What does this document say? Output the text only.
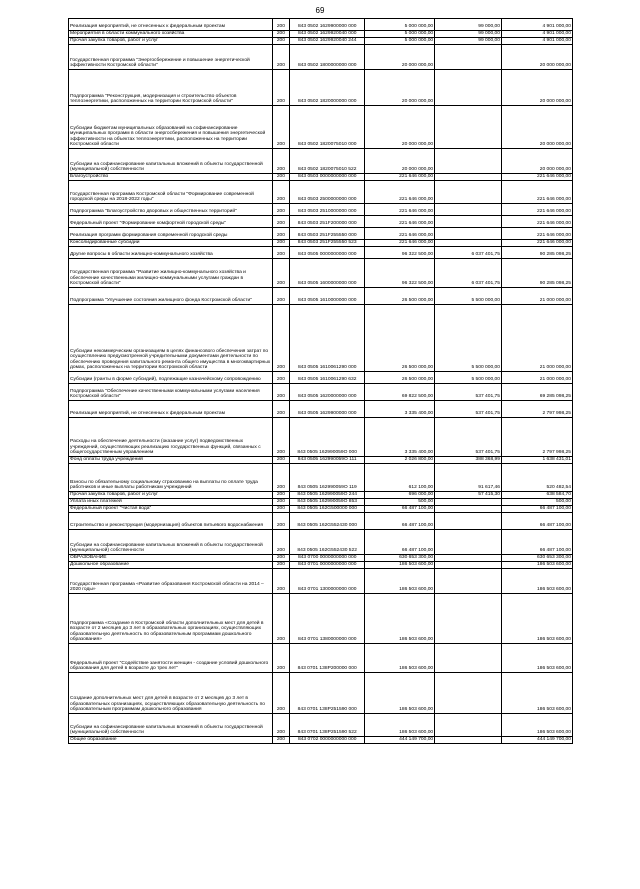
69
Реализация мероприятий, не отнесенных к федеральным проектам	200	843 0502 1629900000 000	5 000 000,00	99 000,00	4 901 000,00
Мероприятия в области коммунального хозяйства	200	843 0502 1629920040 000	5 000 000,00	99 000,00	4 901 000,00
Прочая закупка товаров, работ и услуг	200	843 0502 1629920040 244	5 000 000,00	99 000,00	4 901 000,00
Государственная программа "Энергосбережение и повышение энергетической эффективности Костромской области"	200	843 0502 1800000000 000	20 000 000,00		20 000 000,00
Подпрограмма "Реконструкция, модернизация и строительство объектов теплоэнергетики, расположенных на территории Костромской области"	200	843 0502 1820000000 000	20 000 000,00		20 000 000,00
Субсидии бюджетам муниципальных образований на софинансирование муниципальных программ в области энергосбережения и повышения энергетической эффективности на объектах теплоэнергетики, расположенных на территории Костромской области	200	843 0502 1820075010 000	20 000 000,00		20 000 000,00
Субсидии на софинансирование капитальных вложений в объекты государственной (муниципальной) собственности	200	843 0502 1820075010 522	20 000 000,00		20 000 000,00
Благоустройство	200	843 0503 0000000000 000	221 646 000,00		221 646 000,00
Государственная программа Костромской области "Формирование современной городской среды на 2018-2022 годы"	200	843 0503 2500000000 000	221 646 000,00		221 646 000,00
Подпрограмма "Благоустройство дворовых и общественных территорий"	200	843 0503 2510000000 000	221 646 000,00		221 646 000,00
Федеральный проект "Формирование комфортной городской среды"	200	843 0503 251F200000 000	221 646 000,00		221 646 000,00
Реализация программ формирования современной городской среды	200	843 0503 251F255550 000	221 646 000,00		221 646 000,00
Консолидированные субсидии	200	843 0503 251F255550 523	221 646 000,00		221 646 000,00
Другие вопросы в области жилищно-коммунального хозяйства	200	843 0505 0000000000 000	96 322 500,00	6 037 401,75	90 285 098,25
Государственная программа "Развитие жилищно-коммунального хозяйства и обеспечение качественными жилищно-коммунальными услугами граждан в Костромской области"	200	843 0505 1600000000 000	96 322 500,00	6 037 401,75	90 285 098,25
Подпрограмма "Улучшение состояния жилищного фонда Костромской области"	200	843 0505 1610000000 000	26 500 000,00	5 500 000,00	21 000 000,00
Субсидии некоммерческим организациям в целях финансового обеспечения затрат по осуществлению предусмотренной учредительными документами деятельности по обеспечению проведения капитального ремонта общего имущества в многоквартирных домах, расположенных на территории Костромской области	200	843 0505 1610061290 000	26 500 000,00	5 500 000,00	21 000 000,00
Субсидии (гранты в форме субсидий), подлежащие казначейскому сопровождению	200	843 0505 1610061290 632	26 500 000,00	5 500 000,00	21 000 000,00
Подпрограмма "Обеспечение качественными коммунальными услугами населения Костромской области"	200	843 0505 1620000000 000	69 822 500,00	537 401,75	69 285 098,25
Реализация мероприятий, не отнесенных к федеральным проектам	200	843 0505 1629900000 000	3 335 400,00	537 401,75	2 797 998,25
Расходы на обеспечение деятельности (оказание услуг) подведомственных учреждений, осуществляющих реализацию государственных функций, связанных с общегосударственным управлением	200	843 0505 162990059О 000	3 335 400,00	537 401,75	2 797 998,25
Фонд оплаты труда учреждений	200	843 0505 162990059О 111	2 026 800,00	388 368,99	1 638 431,01
Взносы по обязательному социальному страхованию на выплаты по оплате труда работников и иные выплаты работникам учреждений	200	843 0505 162990059О 119	612 100,00	91 617,46	520 482,54
Прочая закупка товаров, работ и услуг	200	843 0505 162990059О 244	696 000,00	57 415,30	638 584,70
Уплата иных платежей	200	843 0505 162990059О 853	500,00		500,00
Федеральный проект "Чистая вода"	200	843 0505 162G500000 000	66 487 100,00		66 487 100,00
Строительство и реконструкция (модернизация) объектов питьевого водоснабжения	200	843 0505 162G552430 000	66 487 100,00		66 487 100,00
Субсидии на софинансирование капитальных вложений в объекты государственной (муниципальной) собственности	200	843 0505 162G552430 522	66 487 100,00		66 487 100,00
ОБРАЗОВАНИЕ	200	843 0700 0000000000 000	630 653 300,00		630 653 300,00
Дошкольное образование	200	843 0701 0000000000 000	186 503 600,00		186 503 600,00
Государственная программа «Развитие образования Костромской области на 2014 – 2020 годы»	200	843 0701 1300000000 000	186 503 600,00		186 503 600,00
Подпрограмма «Создание в Костромской области дополнительных мест для детей в возрасте от 2 месяцев до 3 лет в образовательных организациях, осуществляющих образовательную деятельность по образовательным программам дошкольного образования»	200	843 0701 1380000000 000	186 503 600,00		186 503 600,00
Федеральный проект "Содействие занятости женщин - создание условий дошкольного образования для детей в возрасте до трех лет"	200	843 0701 138P200000 000	186 503 600,00		186 503 600,00
Создание дополнительных мест для детей в возрасте от 2 месяцев до 3 лет в образовательных организациях, осуществляющих образовательную деятельность по образовательным программам дошкольного образования	200	843 0701 138P251590 000	186 503 600,00		186 503 600,00
Субсидии на софинансирование капитальных вложений в объекты государственной (муниципальной) собственности	200	843 0701 138P251590 522	186 503 600,00		186 503 600,00
Общее образование	200	843 0702 0000000000 000	444 149 700,00		444 149 700,00
